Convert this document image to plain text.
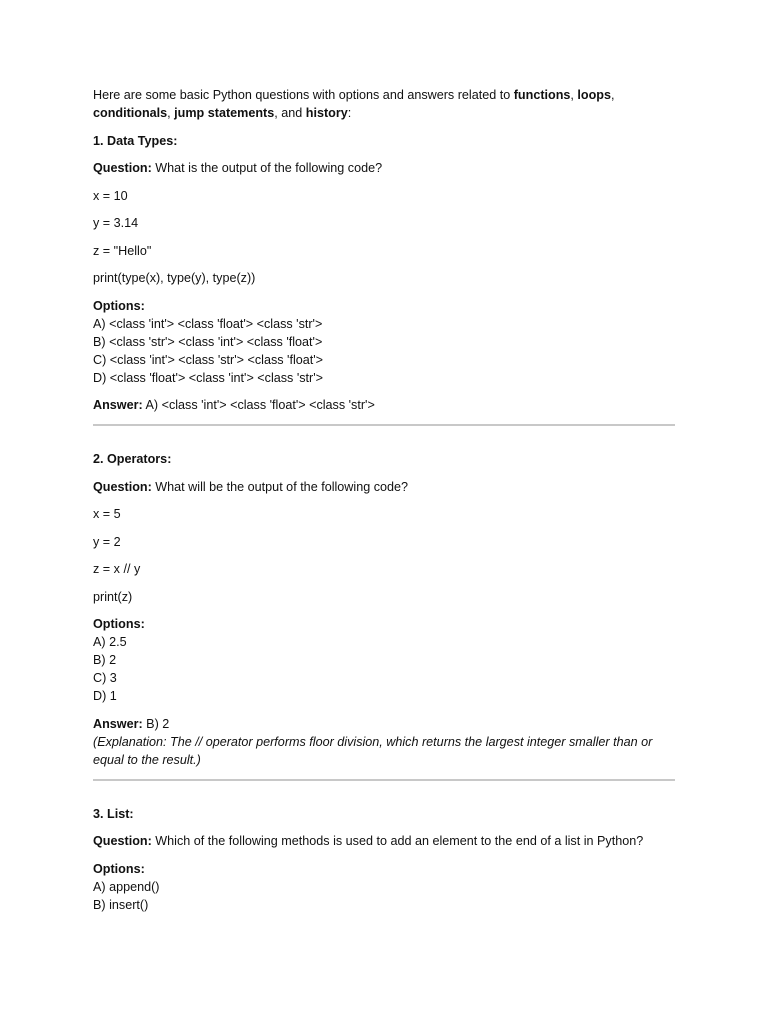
Here are some basic Python questions with options and answers related to functions, loops, conditionals, jump statements, and history:

1. Data Types:

Question: What is the output of the following code?

x = 10

y = 3.14

z = "Hello"

print(type(x), type(y), type(z))

Options:
A) <class 'int'> <class 'float'> <class 'str'>
B) <class 'str'> <class 'int'> <class 'float'>
C) <class 'int'> <class 'str'> <class 'float'>
D) <class 'float'> <class 'int'> <class 'str'>

Answer: A) <class 'int'> <class 'float'> <class 'str'>

2. Operators:

Question: What will be the output of the following code?

x = 5

y = 2

z = x // y

print(z)

Options:
A) 2.5
B) 2
C) 3
D) 1

Answer: B) 2

(Explanation: The // operator performs floor division, which returns the largest integer smaller than or equal to the result.)

3. List:

Question: Which of the following methods is used to add an element to the end of a list in Python?

Options:
A) append()
B) insert()
